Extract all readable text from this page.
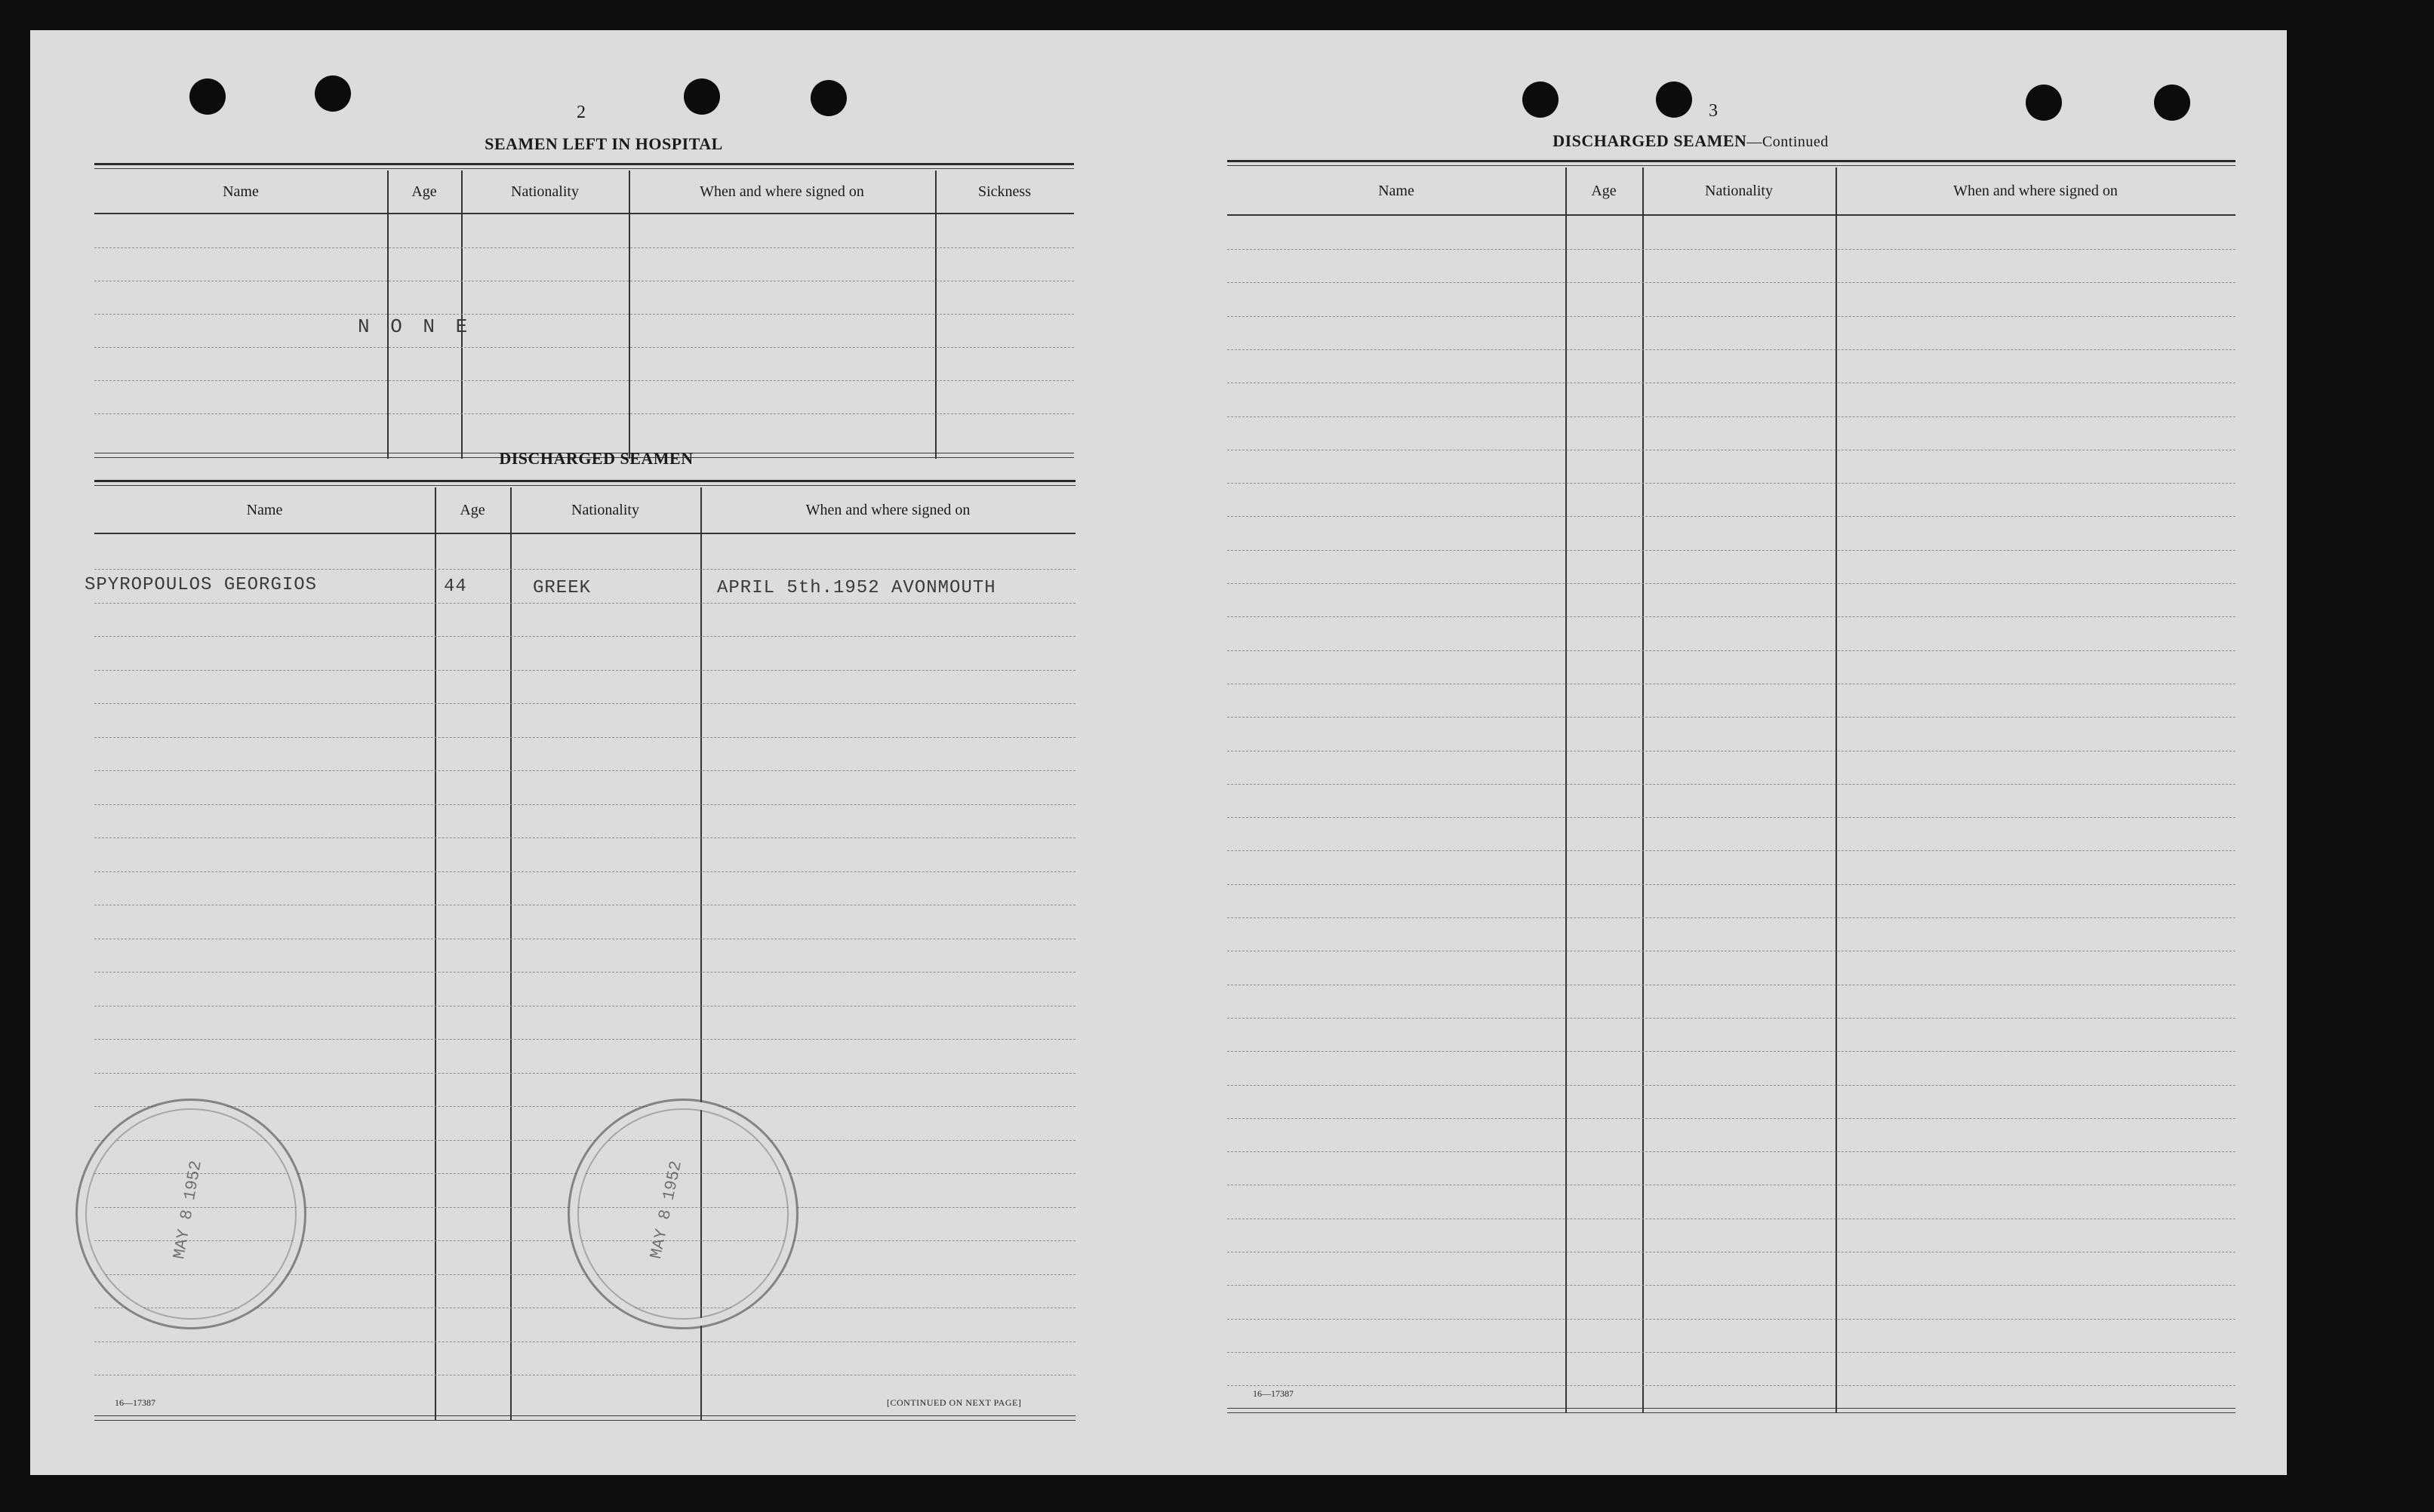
2
SEAMEN LEFT IN HOSPITAL
Name	Age	Nationality	When and where signed on	Sickness
N O N E
DISCHARGED SEAMEN
Name	Age	Nationality	When and where signed on
SPYROPOULOS GEORGIOS	44	GREEK	APRIL 5th.1952 AVONMOUTH
16—17387	[CONTINUED ON NEXT PAGE]
MAY 8 1952	MAY 8 1952
3
DISCHARGED SEAMEN—Continued
Name	Age	Nationality	When and where signed on
16—17387
